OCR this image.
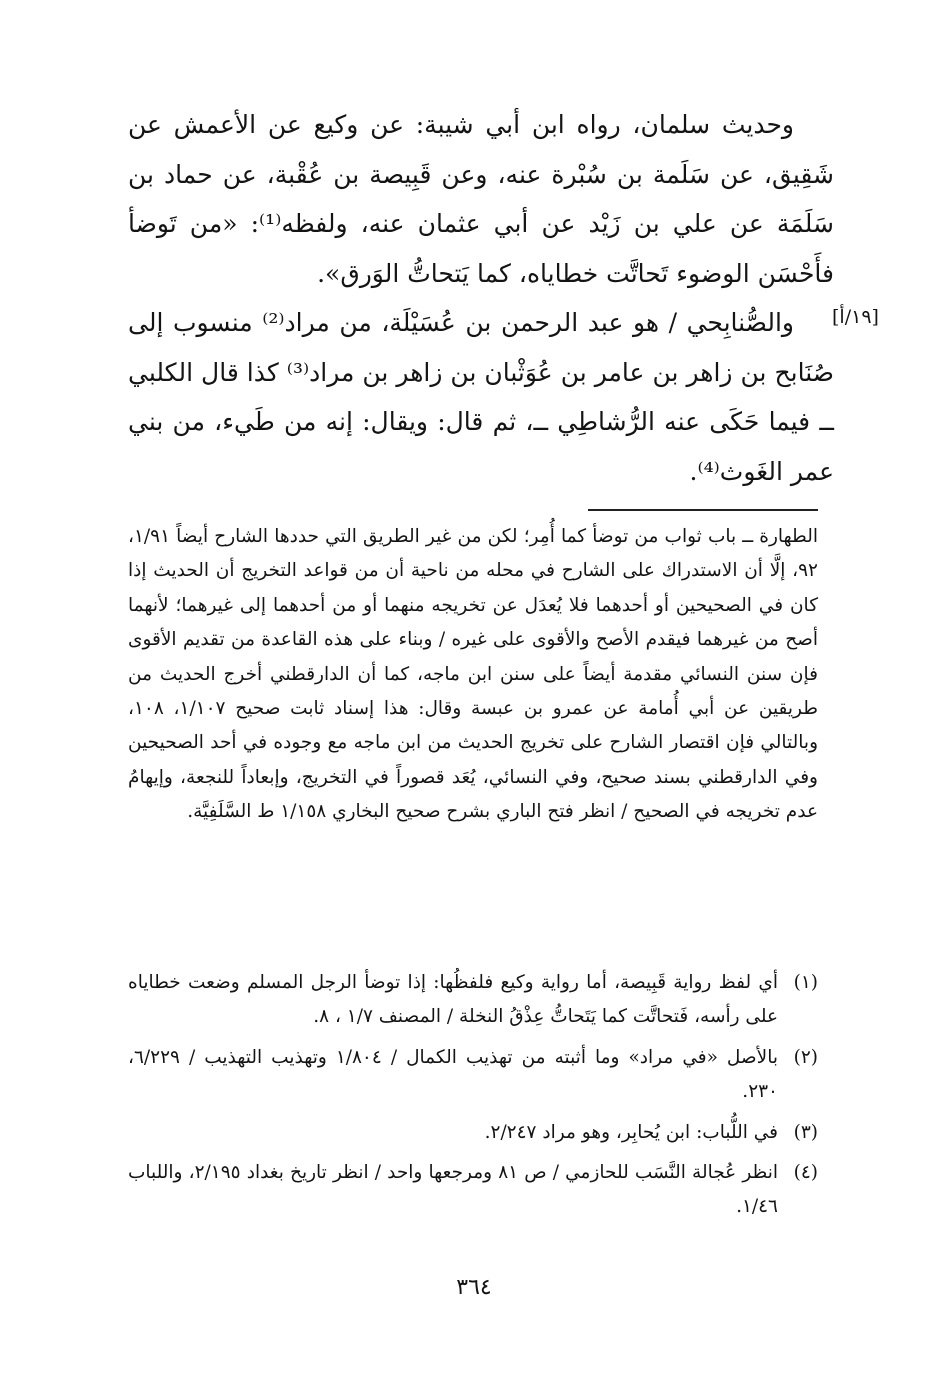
[١٩/أ]

وحديث سلمان، رواه ابن أبي شيبة: عن وكيع عن الأعمش عن شَقِيق، عن سَلَمة بن سُبْرة عنه، وعن قَبِيصة بن عُقْبة، عن حماد بن سَلَمَة عن علي بن زَيْد عن أبي عثمان عنه، ولفظه⁽¹⁾: «من تَوضأ فأَحْسَن الوضوء تَحاتَّت خطاياه، كما يَتحاتُّ الوَرق».

والصُّنابِحي / هو عبد الرحمن بن عُسَيْلَة، من مراد⁽²⁾ منسوب إلى صُنَابح بن زاهر بن عامر بن عُوَثْبان بن زاهر بن مراد⁽³⁾ كذا قال الكلبي ــ فيما حَكَى عنه الرُّشاطِي ــ، ثم قال: ويقال: إنه من طَيء، من بني عمر الغَوث⁽⁴⁾.

الطهارة ــ باب ثواب من توضأ كما أُمِر؛ لكن من غير الطريق التي حددها الشارح أيضاً ١/٩١، ٩٢، إلَّا أن الاستدراك على الشارح في محله من ناحية أن من قواعد التخريج أن الحديث إذا كان في الصحيحين أو أحدهما فلا يُعدَل عن تخريجه منهما أو من أحدهما إلى غيرهما؛ لأنهما أصح من غيرهما فيقدم الأصح والأقوى على غيره / وبناء على هذه القاعدة من تقديم الأقوى فإن سنن النسائي مقدمة أيضاً على سنن ابن ماجه، كما أن الدارقطني أخرج الحديث من طريقين عن أبي أُمامة عن عمرو بن عبسة وقال: هذا إسناد ثابت صحيح ١/١٠٧، ١٠٨، وبالتالي فإن اقتصار الشارح على تخريج الحديث من ابن ماجه مع وجوده في أحد الصحيحين وفي الدارقطني بسند صحيح، وفي النسائي، يُعَد قصوراً في التخريج، وإبعاداً للنجعة، وإيهامُ عدم تخريجه في الصحيح / انظر فتح الباري بشرح صحيح البخاري ١/١٥٨ ط السَّلَفِيَّة.
(١)
أي لفظ رواية قَبِيصة، أما رواية وكيع فلفظُها: إذا توضأ الرجل المسلم وضعت خطاياه على رأسه، فَتحاتَّت كما يَتَحاتُّ عِذْقُ النخلة / المصنف ١/٧ ، ٨.
(٢)
بالأصل «في مراد» وما أثبته من تهذيب الكمال / ١/٨٠٤ وتهذيب التهذيب / ٦/٢٢٩، ٢٣٠.
(٣)
في اللُّباب: ابن يُحابِر، وهو مراد ٢/٢٤٧.
(٤)
انظر عُجالة النَّسَب للحازمي / ص ٨١ ومرجعها واحد / انظر تاريخ بغداد ٢/١٩٥، واللباب ١/٤٦.
٣٦٤
